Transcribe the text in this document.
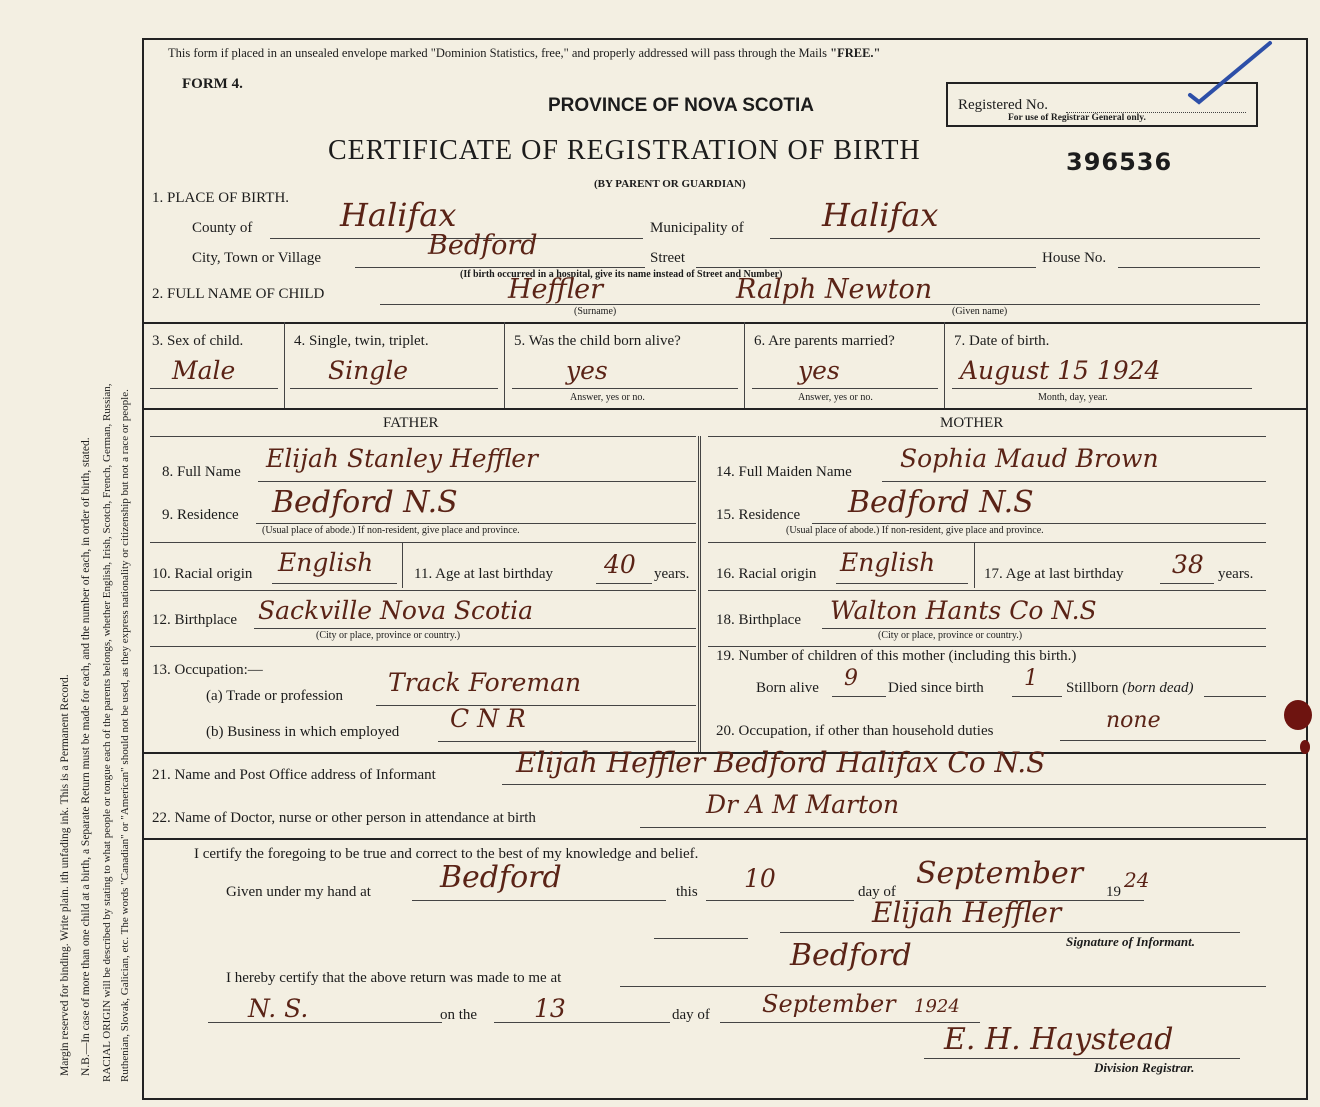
Margin reserved for binding. Write plain. ith unfading ink. This is a Permanent Record. N.B.—In case of more than one child at a birth, a Separate Return must be made for each, and the number of each, in order of birth, stated. RACIAL ORIGIN will be described by stating to what people or tongue each of the parents belongs, whether English, Irish, Scotch, French, German, Russian, Ruthenian, Slovak, Galician, etc. The words "Canadian" or "American" should not be used, as they express nationality or citizenship but not a race or people.
This form if placed in an unsealed envelope marked "Dominion Statistics, free," and properly addressed will pass through the Mails "FREE."
FORM 4.
PROVINCE OF NOVA SCOTIA
CERTIFICATE OF REGISTRATION OF BIRTH
(BY PARENT OR GUARDIAN)
Registered No.
For use of Registrar General only.
396536
1. PLACE OF BIRTH.
County of	Halifax	Municipality of Halifax
City, Town or Village	Bedford	Street	House No.
(If birth occurred in a hospital, give its name instead of Street and Number)
2. FULL NAME OF CHILD	Heffler	Ralph Newton
(Surname)	(Given name)
3. Sex of child.
Male
4. Single, twin, triplet.
Single
5. Was the child born alive?
yes
Answer, yes or no.
6. Are parents married?
yes
Answer, yes or no.
7. Date of birth.
August 15 1924
Month, day, year.
FATHER	MOTHER
8. Full Name Elijah Stanley Heffler
9. Residence Bedford N.S
(Usual place of abode.) If non-resident, give place and province.
10. Racial origin English	11. Age at last birthday 40 years.
12. Birthplace Sackville Nova Scotia
(City or place, province or country.)
13. Occupation:—
(a) Trade or profession Track Foreman
(b) Business in which employed C N R
14. Full Maiden Name Sophia Maud Brown
15. Residence Bedford N.S
(Usual place of abode.) If non-resident, give place and province.
16. Racial origin English	17. Age at last birthday 38 years.
18. Birthplace Walton Hants Co N.S
(City or place, province or country.)
19. Number of children of this mother (including this birth.)
Born alive 9 Died since birth 1 Stillborn (born dead)
20. Occupation, if other than household duties	none
21. Name and Post Office address of Informant	Elijah Heffler Bedford Halifax Co N.S
22. Name of Doctor, nurse or other person in attendance at birth	Dr A M Marton
I certify the foregoing to be true and correct to the best of my knowledge and belief.
Given under my hand at Bedford	this 10	day of
September
19 24
Elijah Heffler
Signature of Informant.
I hereby certify that the above return was made to me at
Bedford
N. S.	on the 13	day of September 1924
E. H. Haystead
Division Registrar.
